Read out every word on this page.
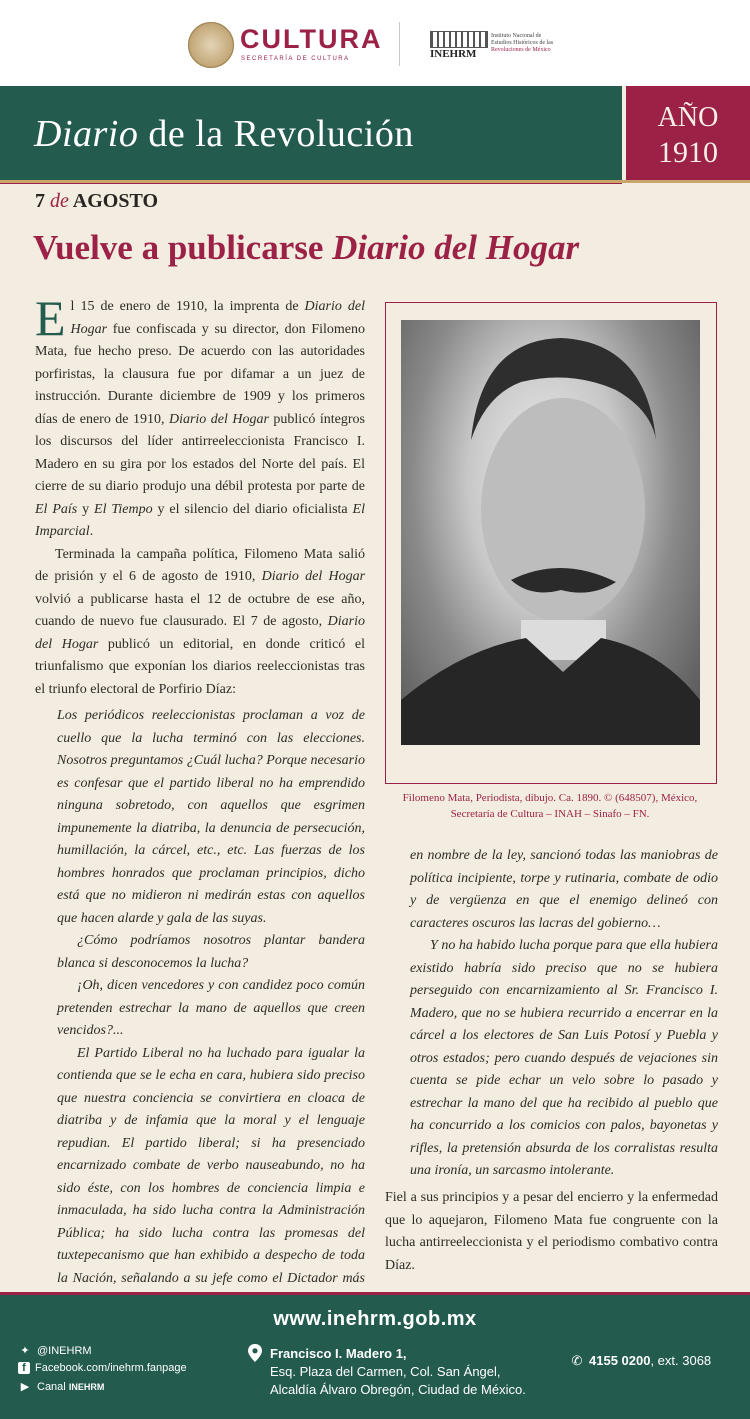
CULTURA
SECRETARÍA DE CULTURA	INEHRM
Instituto Nacional de
Estudios Históricos de las
Revoluciones de México
Diario de la Revolución	AÑO
1910
7 de AGOSTO
Vuelve a publicarse Diario del Hogar

El 15 de enero de 1910, la imprenta de Diario del Hogar fue confiscada y su director, don Filomeno Mata, fue hecho preso. De acuerdo con las autoridades porfiristas, la clausura fue por difamar a un juez de instrucción. Durante diciembre de 1909 y los primeros días de enero de 1910, Diario del Hogar publicó íntegros los discursos del líder antirreeleccionista Francisco I. Madero en su gira por los estados del Norte del país. El cierre de su diario produjo una débil protesta por parte de El País y El Tiempo y el silencio del diario oficialista El Imparcial.

Terminada la campaña política, Filomeno Mata salió de prisión y el 6 de agosto de 1910, Diario del Hogar volvió a publicarse hasta el 12 de octubre de ese año, cuando de nuevo fue clausurado. El 7 de agosto, Diario del Hogar publicó un editorial, en donde criticó el triunfalismo que exponían los diarios reeleccionistas tras el triunfo electoral de Porfirio Díaz:

Los periódicos reeleccionistas proclaman a voz de cuello que la lucha terminó con las elecciones. Nosotros preguntamos ¿Cuál lucha? Porque necesario es confesar que el partido liberal no ha emprendido ninguna sobretodo, con aquellos que esgrimen impunemente la diatriba, la denuncia de persecución, humillación, la cárcel, etc., etc. Las fuerzas de los hombres honrados que proclaman principios, dicho está que no midieron ni medirán estas con aquellos que hacen alarde y gala de las suyas.

¿Cómo podríamos nosotros plantar bandera blanca si desconocemos la lucha?

¡Oh, dicen vencedores y con candidez poco común pretenden estrechar la mano de aquellos que creen vencidos?...

El Partido Liberal no ha luchado para igualar la contienda que se le echa en cara, hubiera sido preciso que nuestra conciencia se convirtiera en cloaca de diatriba y de infamia que la moral y el lenguaje repudian. El partido liberal; si ha presenciado encarnizado combate de verbo nauseabundo, no ha sido éste, con los hombres de conciencia limpia e inmaculada, ha sido lucha contra la Administración Pública; ha sido lucha contra las promesas del tuxtepecanismo que han exhibido a despecho de toda la Nación, señalando a su jefe como el Dictador más

Filomeno Mata, Periodista, dibujo. Ca. 1890. © (648507), México,
Secretaría de Cultura – INAH – Sinafo – FN.

en nombre de la ley, sancionó todas las maniobras de política incipiente, torpe y rutinaria, combate de odio y de vergüenza en que el enemigo delineó con caracteres oscuros las lacras del gobierno…

Y no ha habido lucha porque para que ella hubiera existido habría sido preciso que no se hubiera perseguido con encarnizamiento al Sr. Francisco I. Madero, que no se hubiera recurrido a encerrar en la cárcel a los electores de San Luis Potosí y Puebla y otros estados; pero cuando después de vejaciones sin cuenta se pide echar un velo sobre lo pasado y estrechar la mano del que ha recibido al pueblo que ha concurrido a los comicios con palos, bayonetas y rifles, la pretensión absurda de los corralistas resulta una ironía, un sarcasmo intolerante.

Fiel a sus principios y a pesar del encierro y la enfermedad que lo aquejaron, Filomeno Mata fue congruente con la lucha antirreeleccionista y el periodismo combativo contra Díaz.

www.inehrm.gob.mx
✦ @INEHRM
f Facebook.com/inehrm.fanpage
▶ Canal INEHRM
Francisco I. Madero 1,
Esq. Plaza del Carmen, Col. San Ángel,
Alcaldía Álvaro Obregón, Ciudad de México.
✆ 4155 0200, ext. 3068
